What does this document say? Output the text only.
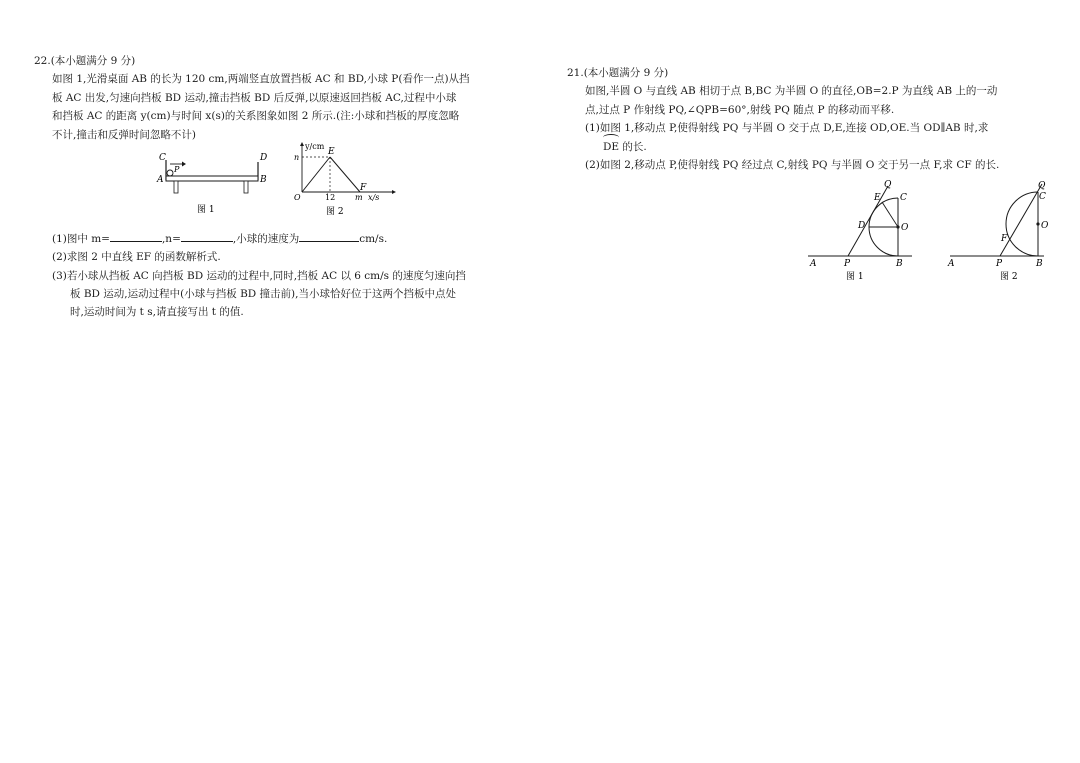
22.(本小题满分 9 分)

如图 1,光滑桌面 AB 的长为 120 cm,两端竖直放置挡板 AC 和 BD,小球 P(看作一点)从挡

板 AC 出发,匀速向挡板 BD 运动,撞击挡板 BD 后反弹,以原速返回挡板 AC,过程中小球

和挡板 AC 的距离 y(cm)与时间 x(s)的关系图象如图 2 所示.(注:小球和挡板的厚度忽略

不计,撞击和反弹时间忽略不计)

(1)图中 m=	,n=	,小球的速度为	cm/s.

(2)求图 2 中直线 EF 的函数解析式.

(3)若小球从挡板 AC 向挡板 BD 运动的过程中,同时,挡板 AC 以 6 cm/s 的速度匀速向挡

板 BD 运动,运动过程中(小球与挡板 BD 撞击前),当小球恰好位于这两个挡板中点处

时,运动时间为 t s,请直接写出 t 的值.

C	D
P
A	B
图 1
y/cm
n
E
F
O	12 m x/s
图 2

21.(本小题满分 9 分)

如图,半圆 O 与直线 AB 相切于点 B,BC 为半圆 O 的直径,OB=2.P 为直线 AB 上的一动

点,过点 P 作射线 PQ,∠QPB=60°,射线 PQ 随点 P 的移动而平移.

(1)如图 1,移动点 P,使得射线 PQ 与半圆 O 交于点 D,E,连接 OD,OE.当 OD∥AB 时,求

DE 的长.

(2)如图 2,移动点 P,使得射线 PQ 经过点 C,射线 PQ 与半圆 O 交于另一点 F,求 CF 的长.

Q
E C
D	O
A	P	B
图 1
Q
C
O
F
A	P	B
图 2
